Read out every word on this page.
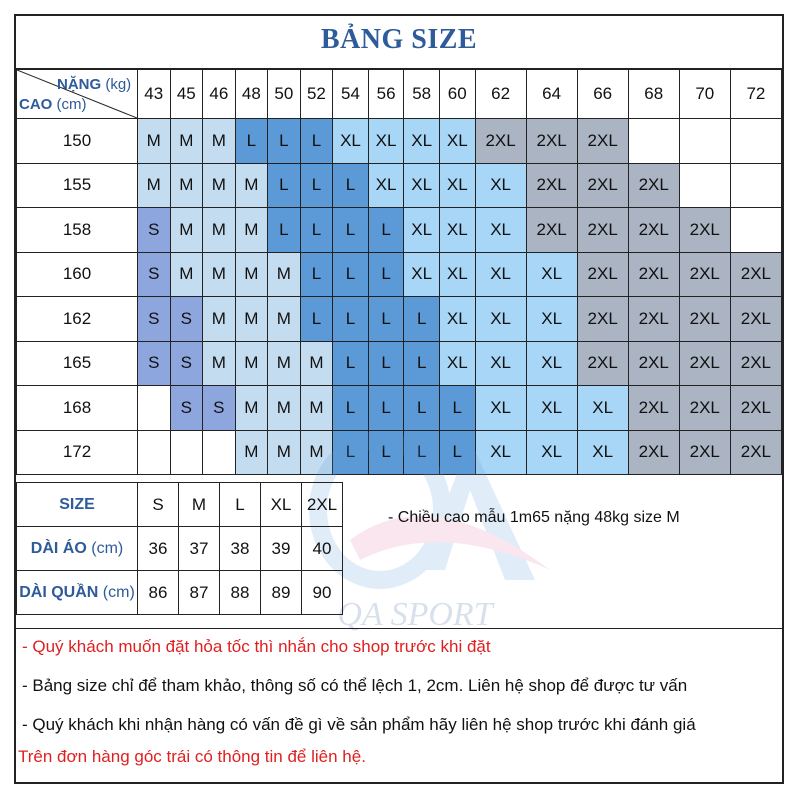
BẢNG SIZE
NẶNG (kg)
CAO (cm)	43	45	46	48	50	52	54	56	58	60	62	64	66	68	70	72
150	M	M	M	L	L	L	XL	XL	XL	XL	2XL	2XL	2XL			
155	M	M	M	M	L	L	L	XL	XL	XL	XL	2XL	2XL	2XL		
158	S	M	M	M	L	L	L	L	XL	XL	XL	2XL	2XL	2XL	2XL	
160	S	M	M	M	M	L	L	L	XL	XL	XL	XL	2XL	2XL	2XL	2XL
162	S	S	M	M	M	L	L	L	L	XL	XL	XL	2XL	2XL	2XL	2XL
165	S	S	M	M	M	M	L	L	L	XL	XL	XL	2XL	2XL	2XL	2XL
168		S	S	M	M	M	L	L	L	L	XL	XL	XL	2XL	2XL	2XL
172				M	M	M	L	L	L	L	XL	XL	XL	2XL	2XL	2XL
QA SPORT
SIZE	S	M	L	XL	2XL
DÀI ÁO (cm)	36	37	38	39	40
DÀI QUẦN (cm)	86	87	88	89	90
- Chiều cao mẫu 1m65 nặng 48kg size M
- Quý khách muốn đặt hỏa tốc thì nhắn cho shop trước khi đặt
- Bảng size chỉ để tham khảo, thông số có thể lệch 1, 2cm. Liên hệ shop để được tư vấn
- Quý khách khi nhận hàng có vấn đề gì về sản phẩm hãy liên hệ shop trước khi đánh giá
Trên đơn hàng góc trái có thông tin để liên hệ.
